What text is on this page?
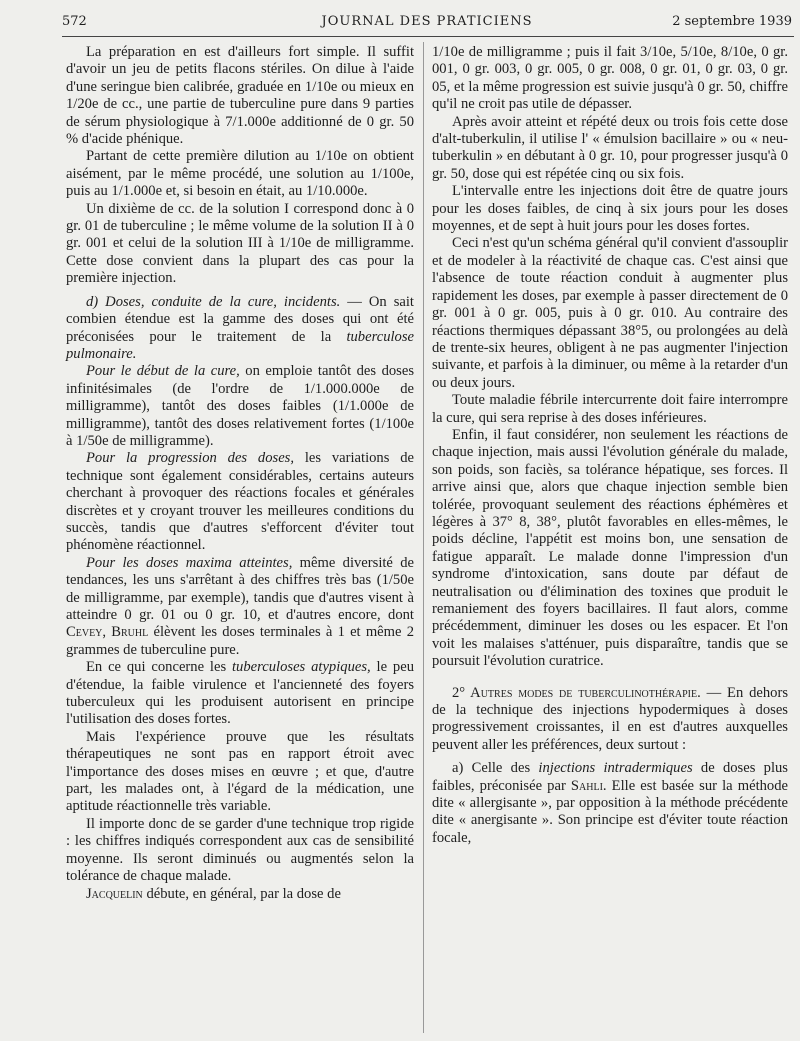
572	JOURNAL DES PRATICIENS	2 septembre 1939

La préparation en est d'ailleurs fort simple. Il suffit d'avoir un jeu de petits flacons stériles. On dilue à l'aide d'une seringue bien calibrée, graduée en 1/10e ou mieux en 1/20e de cc., une partie de tuberculine pure dans 9 parties de sérum physiologique à 7/1.000e additionné de 0 gr. 50 % d'acide phénique.

Partant de cette première dilution au 1/10e on obtient aisément, par le même procédé, une solution au 1/100e, puis au 1/1.000e et, si besoin en était, au 1/10.000e.

Un dixième de cc. de la solution I correspond donc à 0 gr. 01 de tuberculine ; le même volume de la solution II à 0 gr. 001 et celui de la solution III à 1/10e de milligramme. Cette dose convient dans la plupart des cas pour la première injection.

d) Doses, conduite de la cure, incidents. — On sait combien étendue est la gamme des doses qui ont été préconisées pour le traitement de la tuberculose pulmonaire.

Pour le début de la cure, on emploie tantôt des doses infinitésimales (de l'ordre de 1/1.000.000e de milligramme), tantôt des doses faibles (1/1.000e de milligramme), tantôt des doses relativement fortes (1/100e à 1/50e de milligramme).

Pour la progression des doses, les variations de technique sont également considérables, certains auteurs cherchant à provoquer des réactions focales et générales discrètes et y croyant trouver les meilleures conditions du succès, tandis que d'autres s'efforcent d'éviter tout phénomène réactionnel.

Pour les doses maxima atteintes, même diversité de tendances, les uns s'arrêtant à des chiffres très bas (1/50e de milligramme, par exemple), tandis que d'autres visent à atteindre 0 gr. 01 ou 0 gr. 10, et d'autres encore, dont Cevey, Bruhl élèvent les doses terminales à 1 et même 2 grammes de tuberculine pure.

En ce qui concerne les tuberculoses atypiques, le peu d'étendue, la faible virulence et l'ancienneté des foyers tuberculeux qui les produisent autorisent en principe l'utilisation des doses fortes.

Mais l'expérience prouve que les résultats thérapeutiques ne sont pas en rapport étroit avec l'importance des doses mises en œuvre ; et que, d'autre part, les malades ont, à l'égard de la médication, une aptitude réactionnelle très variable.

Il importe donc de se garder d'une technique trop rigide : les chiffres indiqués correspondent aux cas de sensibilité moyenne. Ils seront diminués ou augmentés selon la tolérance de chaque malade.

Jacquelin débute, en général, par la dose de

1/10e de milligramme ; puis il fait 3/10e, 5/10e, 8/10e, 0 gr. 001, 0 gr. 003, 0 gr. 005, 0 gr. 008, 0 gr. 01, 0 gr. 03, 0 gr. 05, et la même progression est suivie jusqu'à 0 gr. 50, chiffre qu'il ne croit pas utile de dépasser.

Après avoir atteint et répété deux ou trois fois cette dose d'alt-tuberkulin, il utilise l' « émulsion bacillaire » ou « neu-tuberkulin » en débutant à 0 gr. 10, pour progresser jusqu'à 0 gr. 50, dose qui est répétée cinq ou six fois.

L'intervalle entre les injections doit être de quatre jours pour les doses faibles, de cinq à six jours pour les doses moyennes, et de sept à huit jours pour les doses fortes.

Ceci n'est qu'un schéma général qu'il convient d'assouplir et de modeler à la réactivité de chaque cas. C'est ainsi que l'absence de toute réaction conduit à augmenter plus rapidement les doses, par exemple à passer directement de 0 gr. 001 à 0 gr. 005, puis à 0 gr. 010. Au contraire des réactions thermiques dépassant 38°5, ou prolongées au delà de trente-six heures, obligent à ne pas augmenter l'injection suivante, et parfois à la diminuer, ou même à la retarder d'un ou deux jours.

Toute maladie fébrile intercurrente doit faire interrompre la cure, qui sera reprise à des doses inférieures.

Enfin, il faut considérer, non seulement les réactions de chaque injection, mais aussi l'évolution générale du malade, son poids, son faciès, sa tolérance hépatique, ses forces. Il arrive ainsi que, alors que chaque injection semble bien tolérée, provoquant seulement des réactions éphémères et légères à 37° 8, 38°, plutôt favorables en elles-mêmes, le poids décline, l'appétit est moins bon, une sensation de fatigue apparaît. Le malade donne l'impression d'un syndrome d'intoxication, sans doute par défaut de neutralisation ou d'élimination des toxines que produit le remaniement des foyers bacillaires. Il faut alors, comme précédemment, diminuer les doses ou les espacer. Et l'on voit les malaises s'atténuer, puis disparaître, tandis que se poursuit l'évolution curatrice.

2° Autres modes de tuberculinothérapie. — En dehors de la technique des injections hypodermiques à doses progressivement croissantes, il en est d'autres auxquelles peuvent aller les préférences, deux surtout :

a) Celle des injections intradermiques de doses plus faibles, préconisée par Sahli. Elle est basée sur la méthode dite « allergisante », par opposition à la méthode précédente dite « anergisante ». Son principe est d'éviter toute réaction focale,
